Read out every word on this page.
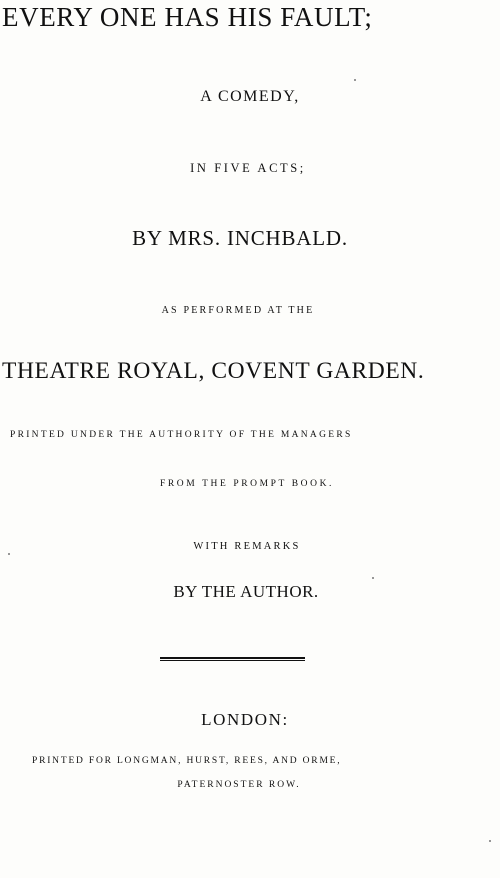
EVERY ONE HAS HIS FAULT;
A COMEDY,
IN FIVE ACTS;
BY MRS. INCHBALD.
AS PERFORMED AT THE
THEATRE ROYAL, COVENT GARDEN.
PRINTED UNDER THE AUTHORITY OF THE MANAGERS
FROM THE PROMPT BOOK.
WITH REMARKS
BY THE AUTHOR.
LONDON:
PRINTED FOR LONGMAN, HURST, REES, AND ORME,
PATERNOSTER ROW.
